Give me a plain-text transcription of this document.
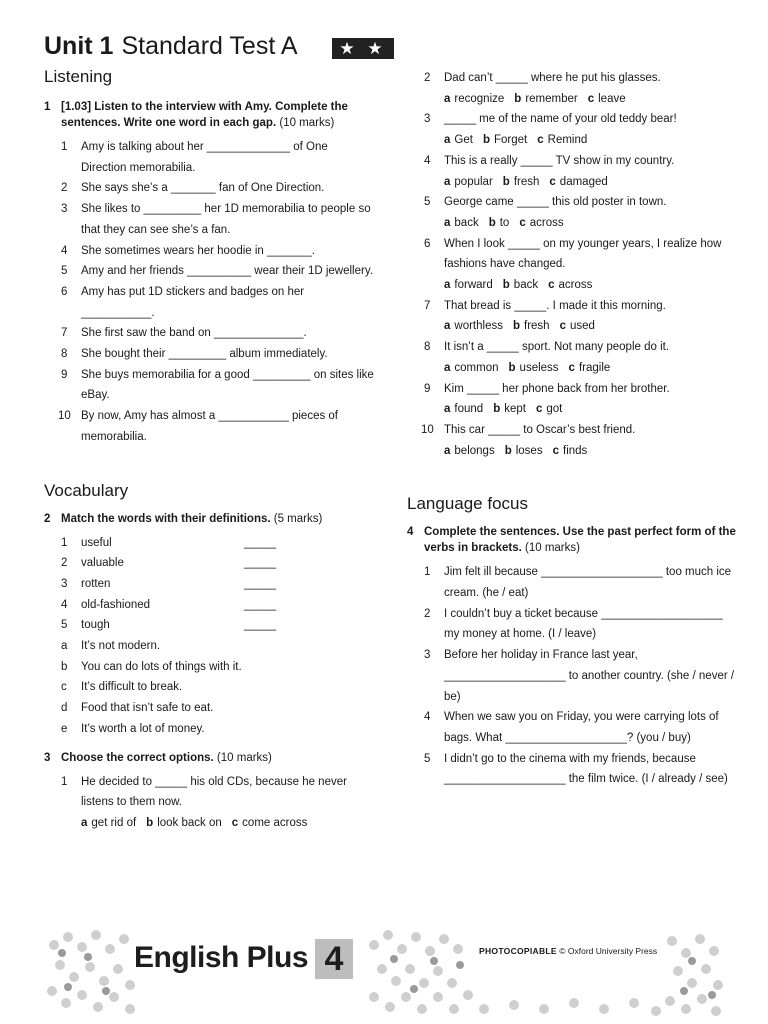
Unit 1 Standard Test A	★ ★
Listening
1 [1.03] Listen to the interview with Amy. Complete the sentences. Write one word in each gap. (10 marks)
1 Amy is talking about her _____________ of One Direction memorabilia.
2 She says she’s a _______ fan of One Direction.
3 She likes to _________ her 1D memorabilia to people so that they can see she’s a fan.
4 She sometimes wears her hoodie in _______.
5 Amy and her friends __________ wear their 1D jewellery.
6 Amy has put 1D stickers and badges on her ___________.
7 She first saw the band on ______________.
8 She bought their _________ album immediately.
9 She buys memorabilia for a good _________ on sites like eBay.
10 By now, Amy has almost a ___________ pieces of memorabilia.
Vocabulary
2 Match the words with their definitions. (5 marks)
1 useful	_____
2 valuable	_____
3 rotten	_____
4 old-fashioned	_____
5 tough	_____
a It’s not modern.
b You can do lots of things with it.
c It’s difficult to break.
d Food that isn’t safe to eat.
e It’s worth a lot of money.
3 Choose the correct options. (10 marks)
1 He decided to _____ his old CDs, because he never listens to them now.
a get rid of b look back on c come across
2 Dad can’t _____ where he put his glasses.
a recognize b remember c leave
3 _____ me of the name of your old teddy bear!
a Get b Forget c Remind
4 This is a really _____ TV show in my country.
a popular b fresh c damaged
5 George came _____ this old poster in town.
a back b to c across
6 When I look _____ on my younger years, I realize how fashions have changed.
a forward b back c across
7 That bread is _____. I made it this morning.
a worthless b fresh c used
8 It isn’t a _____ sport. Not many people do it.
a common b useless c fragile
9 Kim _____ her phone back from her brother.
a found b kept c got
10 This car _____ to Oscar’s best friend.
a belongs b loses c finds
Language focus
4 Complete the sentences. Use the past perfect form of the verbs in brackets. (10 marks)
1 Jim felt ill because ___________________ too much ice cream. (he / eat)
2 I couldn’t buy a ticket because ___________________ my money at home. (I / leave)
3 Before her holiday in France last year, ___________________ to another country. (she / never / be)
4 When we saw you on Friday, you were carrying lots of bags. What ___________________? (you / buy)
5 I didn’t go to the cinema with my friends, because ___________________ the film twice. (I / already / see)
English Plus 4	PHOTOCOPIABLE © Oxford University Press
